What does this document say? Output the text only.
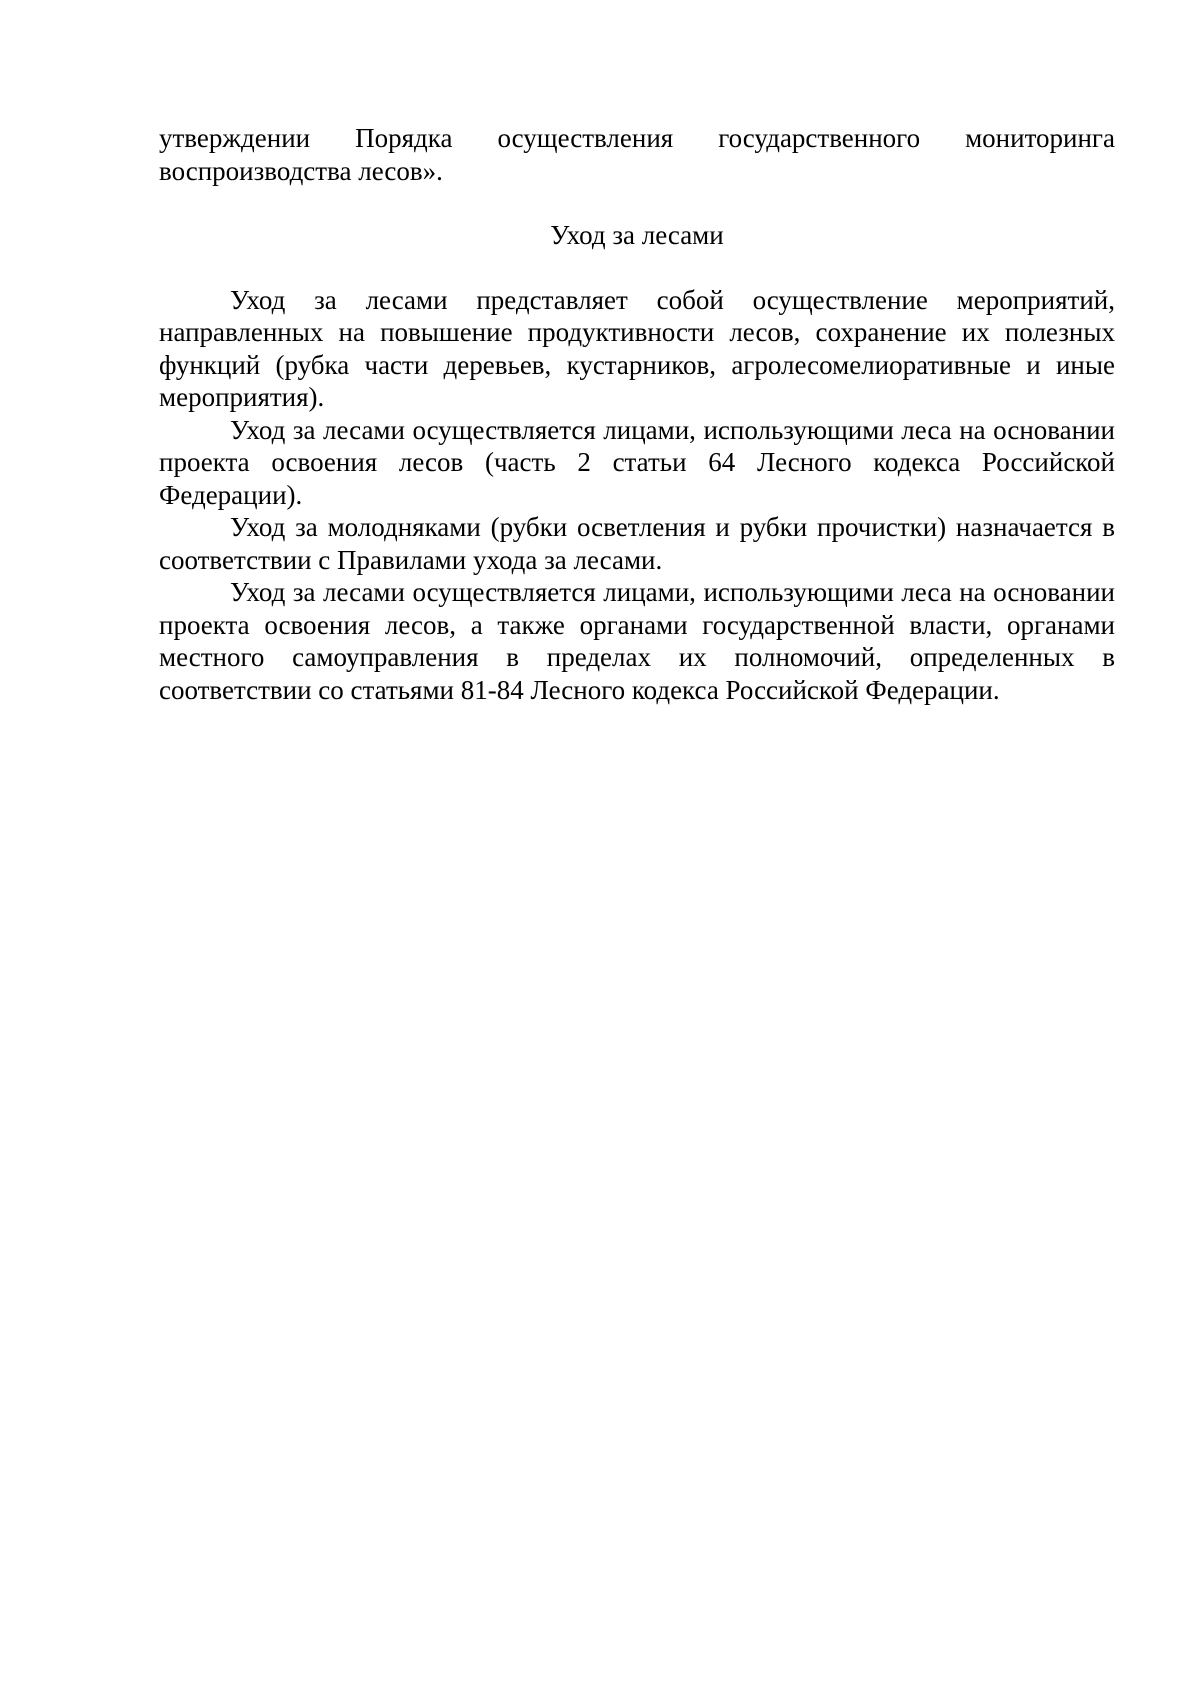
утверждении Порядка осуществления государственного мониторинга воспроизводства лесов».

Уход за лесами

Уход за лесами представляет собой осуществление мероприятий, направленных на повышение продуктивности лесов, сохранение их полезных функций (рубка части деревьев, кустарников, агролесомелиоративные и иные мероприятия).

Уход за лесами осуществляется лицами, использующими леса на основании проекта освоения лесов (часть 2 статьи 64 Лесного кодекса Российской Федерации).

Уход за молодняками (рубки осветления и рубки прочистки) назначается в соответствии с Правилами ухода за лесами.

Уход за лесами осуществляется лицами, использующими леса на основании проекта освоения лесов, а также органами государственной власти, органами местного самоуправления в пределах их полномочий, определенных в соответствии со статьями 81-84 Лесного кодекса Российской Федерации.
